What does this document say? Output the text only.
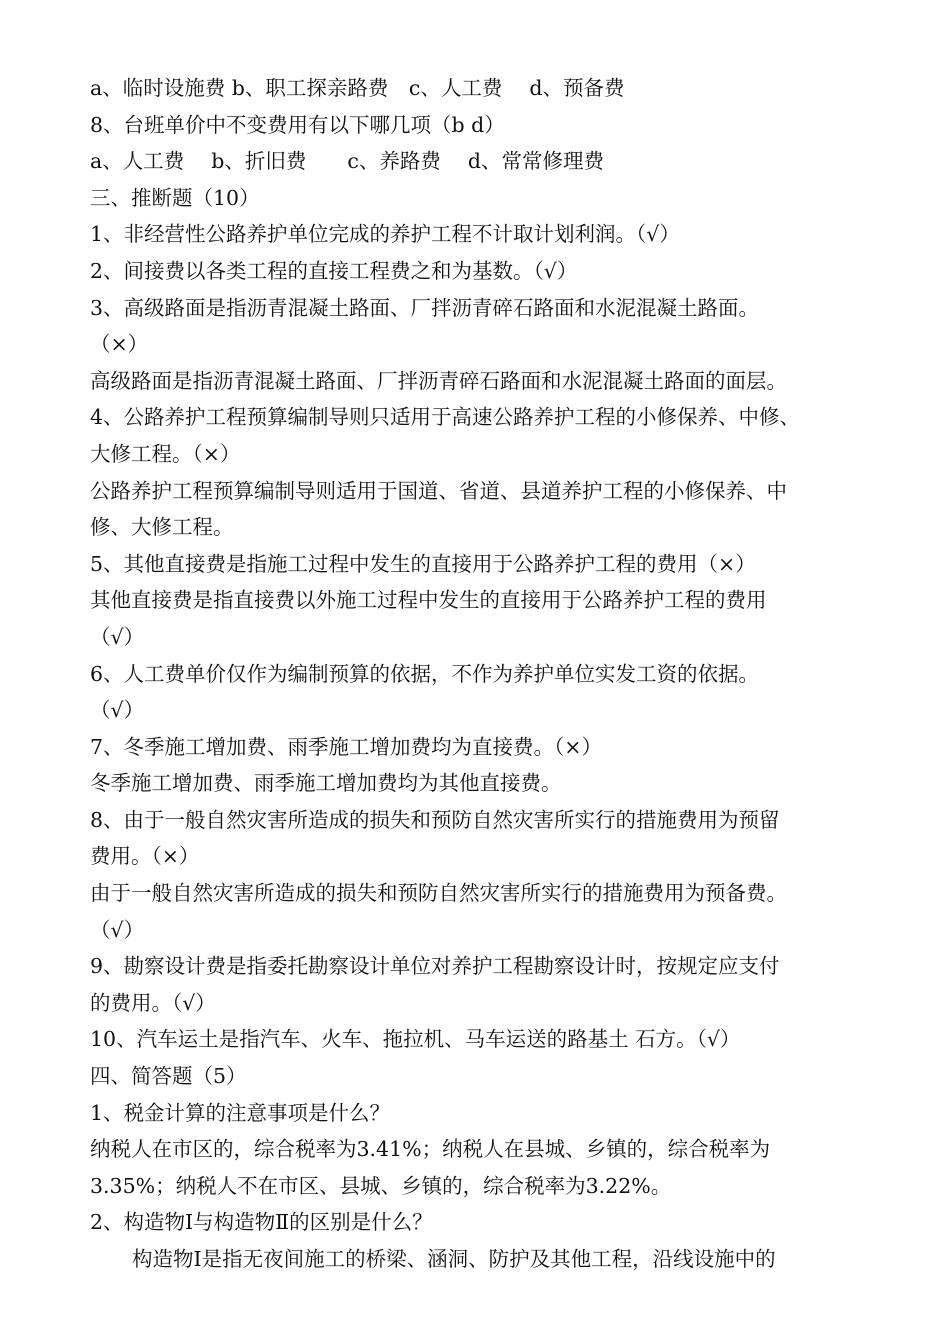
a、临时设施费 b、职工探亲路费　c、人工费　 d、预备费
8、台班单价中不变费用有以下哪几项（b d）
a、人工费　 b、折旧费　　c、养路费　 d、常常修理费
三、推断题（10）
1、非经营性公路养护单位完成的养护工程不计取计划利润。（√）
2、间接费以各类工程的直接工程费之和为基数。（√）
3、高级路面是指沥青混凝土路面、厂拌沥青碎石路面和水泥混凝土路面。
（×）
高级路面是指沥青混凝土路面、厂拌沥青碎石路面和水泥混凝土路面的面层。
4、公路养护工程预算编制导则只适用于高速公路养护工程的小修保养、中修、
大修工程。（×）
公路养护工程预算编制导则适用于国道、省道、县道养护工程的小修保养、中
修、大修工程。
5、其他直接费是指施工过程中发生的直接用于公路养护工程的费用（×）
其他直接费是指直接费以外施工过程中发生的直接用于公路养护工程的费用
（√）
6、人工费单价仅作为编制预算的依据，不作为养护单位实发工资的依据。
（√）
7、冬季施工增加费、雨季施工增加费均为直接费。（×）
冬季施工增加费、雨季施工增加费均为其他直接费。
8、由于一般自然灾害所造成的损失和预防自然灾害所实行的措施费用为预留
费用。（×）
由于一般自然灾害所造成的损失和预防自然灾害所实行的措施费用为预备费。
（√）
9、勘察设计费是指委托勘察设计单位对养护工程勘察设计时，按规定应支付
的费用。（√）
10、汽车运土是指汽车、火车、拖拉机、马车运送的路基土 石方。（√）
四、简答题（5）
1、税金计算的注意事项是什么？
纳税人在市区的，综合税率为3.41%；纳税人在县城、乡镇的，综合税率为
3.35%；纳税人不在市区、县城、乡镇的，综合税率为3.22%。
2、构造物Ⅰ与构造物Ⅱ的区别是什么？
构造物Ⅰ是指无夜间施工的桥梁、涵洞、防护及其他工程，沿线设施中的
